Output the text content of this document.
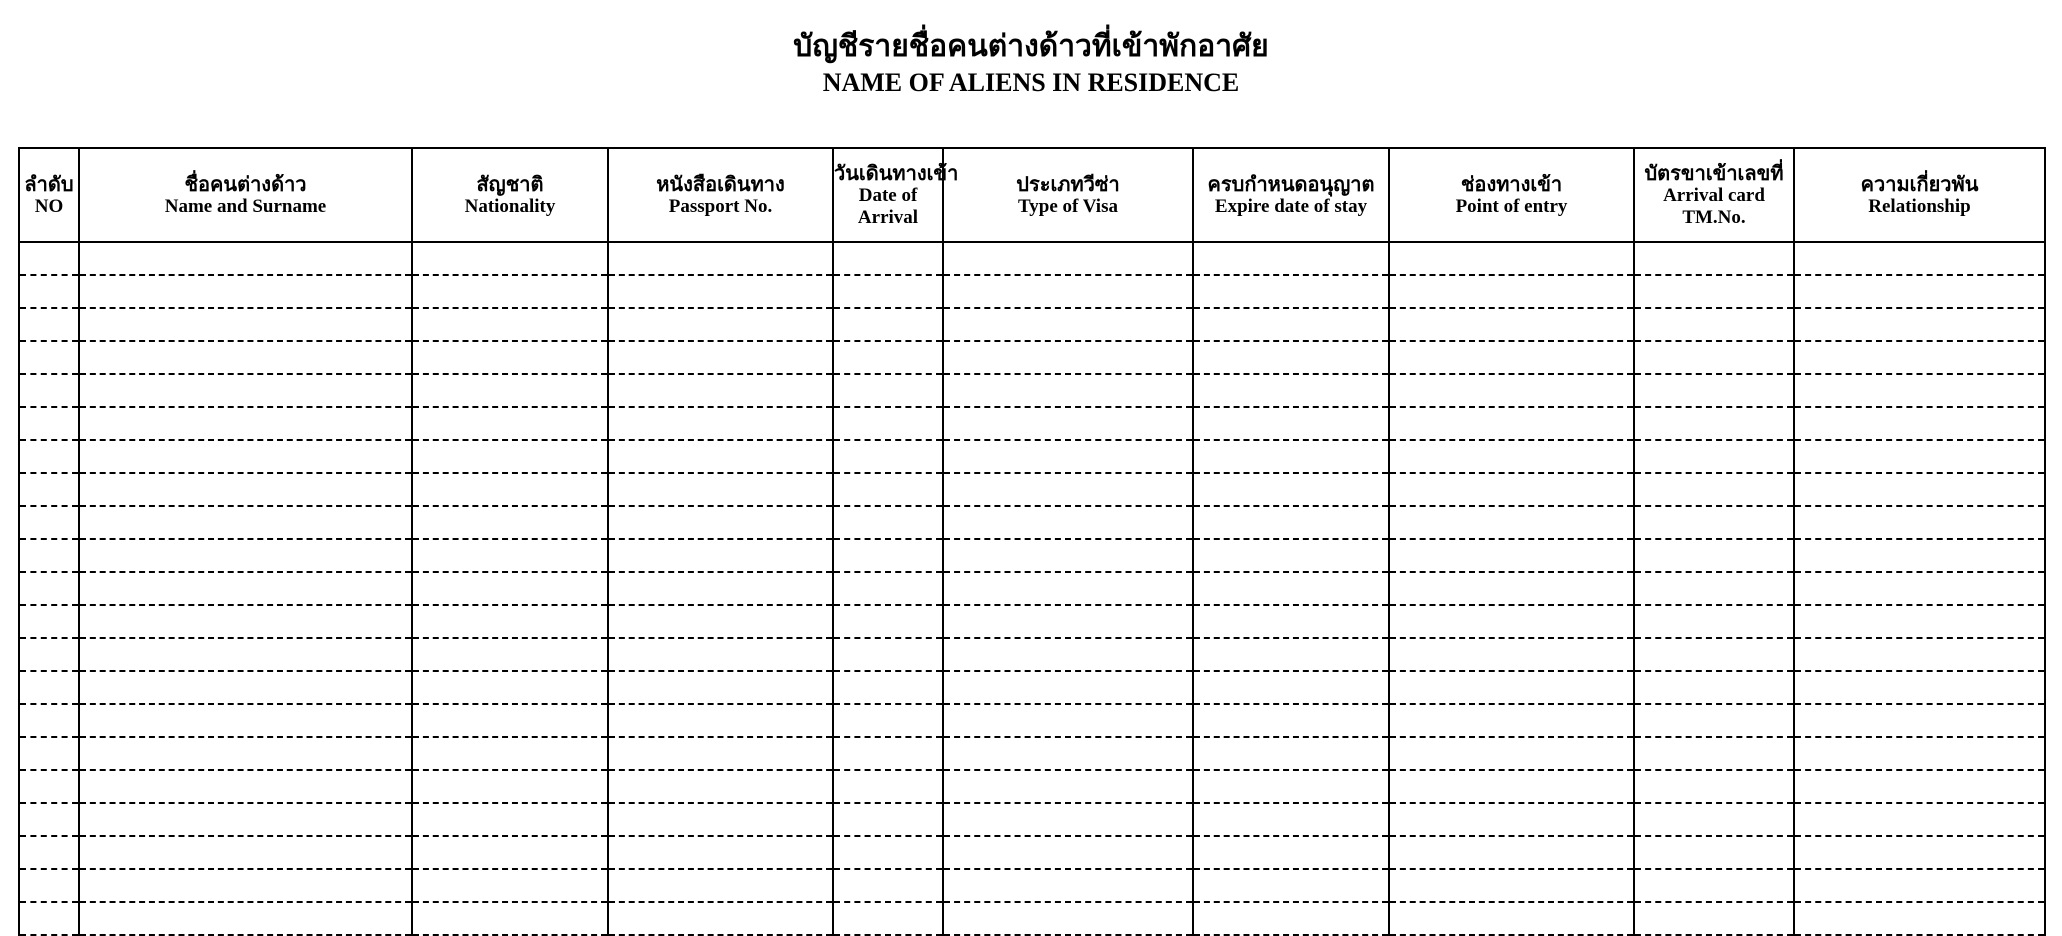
บัญชีรายชื่อคนต่างด้าวที่เข้าพักอาศัย
NAME OF ALIENS IN RESIDENCE
ลำดับ
NO	ชื่อคนต่างด้าว
Name and Surname	สัญชาติ
Nationality	หนังสือเดินทาง
Passport No.	วันเดินทางเข้า
Date of Arrival	ประเภทวีซ่า
Type of Visa	ครบกำหนดอนุญาต
Expire date of stay	ช่องทางเข้า
Point of entry	บัตรขาเข้าเลขที่
Arrival card TM.No.	ความเกี่ยวพัน
Relationship
